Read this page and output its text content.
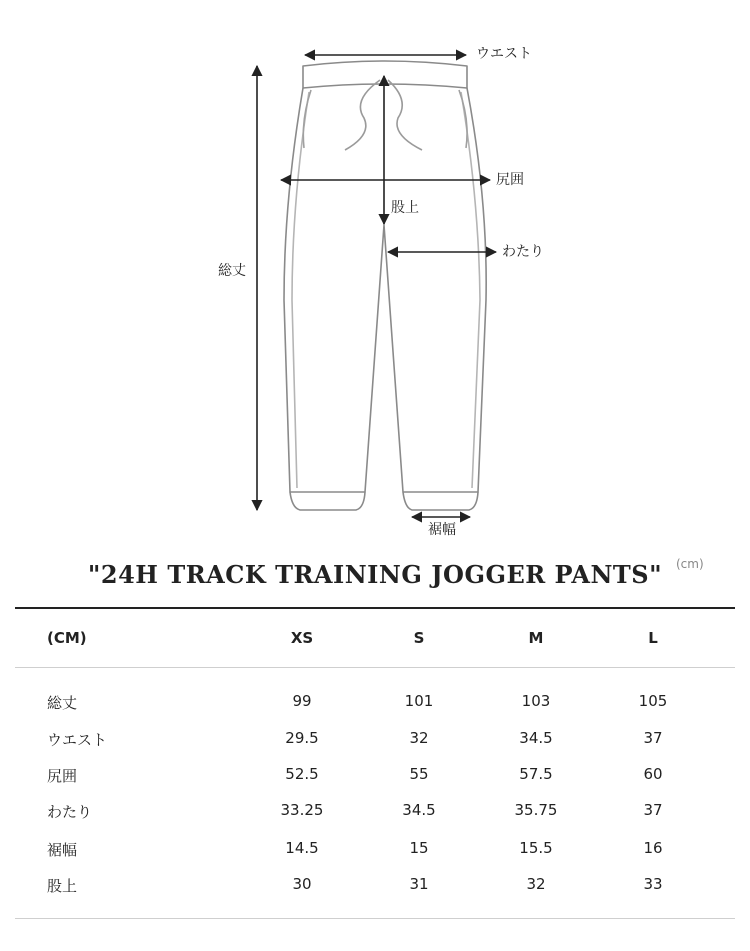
ウエスト
尻囲
股上
わたり
総丈
裾幅
"24H TRACK TRAINING JOGGER PANTS"	(cm)
(CM)	XS	S	M	L
総丈	99	101	103	105
ウエスト	29.5	32	34.5	37
尻囲	52.5	55	57.5	60
わたり	33.25	34.5	35.75	37
裾幅	14.5	15	15.5	16
股上	30	31	32	33
